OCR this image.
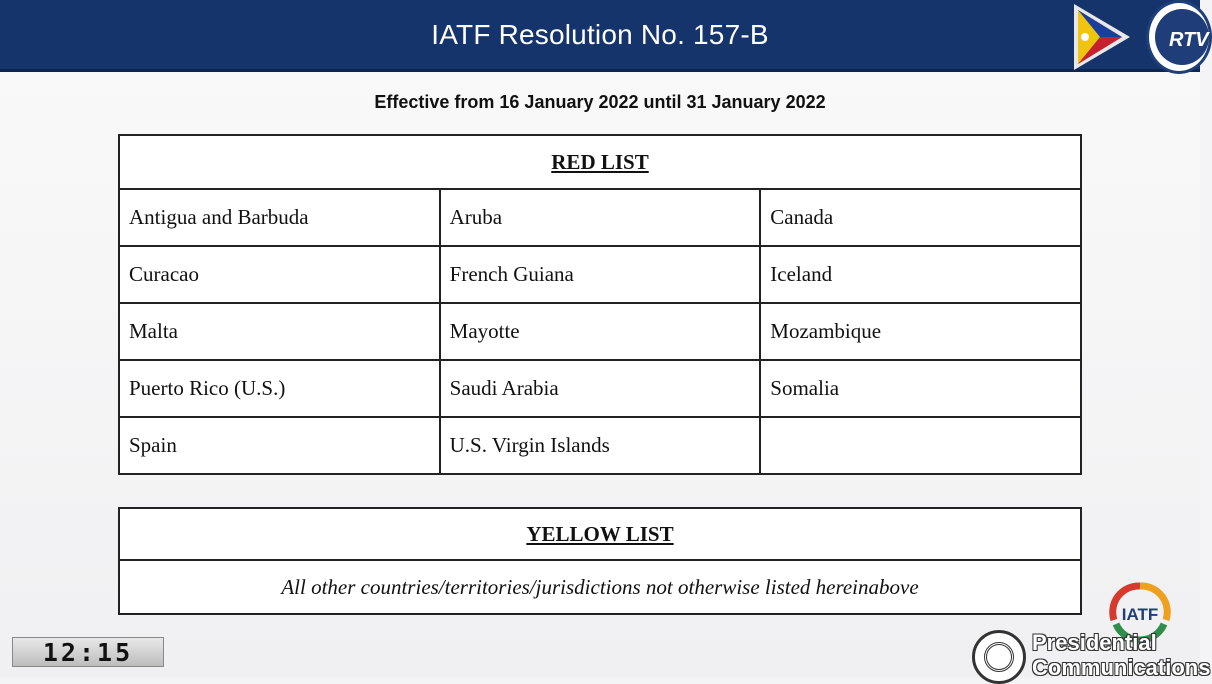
IATF Resolution No. 157-B	RTV
Effective from 16 January 2022 until 31 January 2022
RED LIST		
Antigua and Barbuda	Aruba	Canada
Curacao	French Guiana	Iceland
Malta	Mayotte	Mozambique
Puerto Rico (U.S.)	Saudi Arabia	Somalia
Spain	U.S. Virgin Islands	
YELLOW LIST
All other countries/territories/jurisdictions not otherwise listed hereinabove
12:15
IATF
Presidential
Communications
